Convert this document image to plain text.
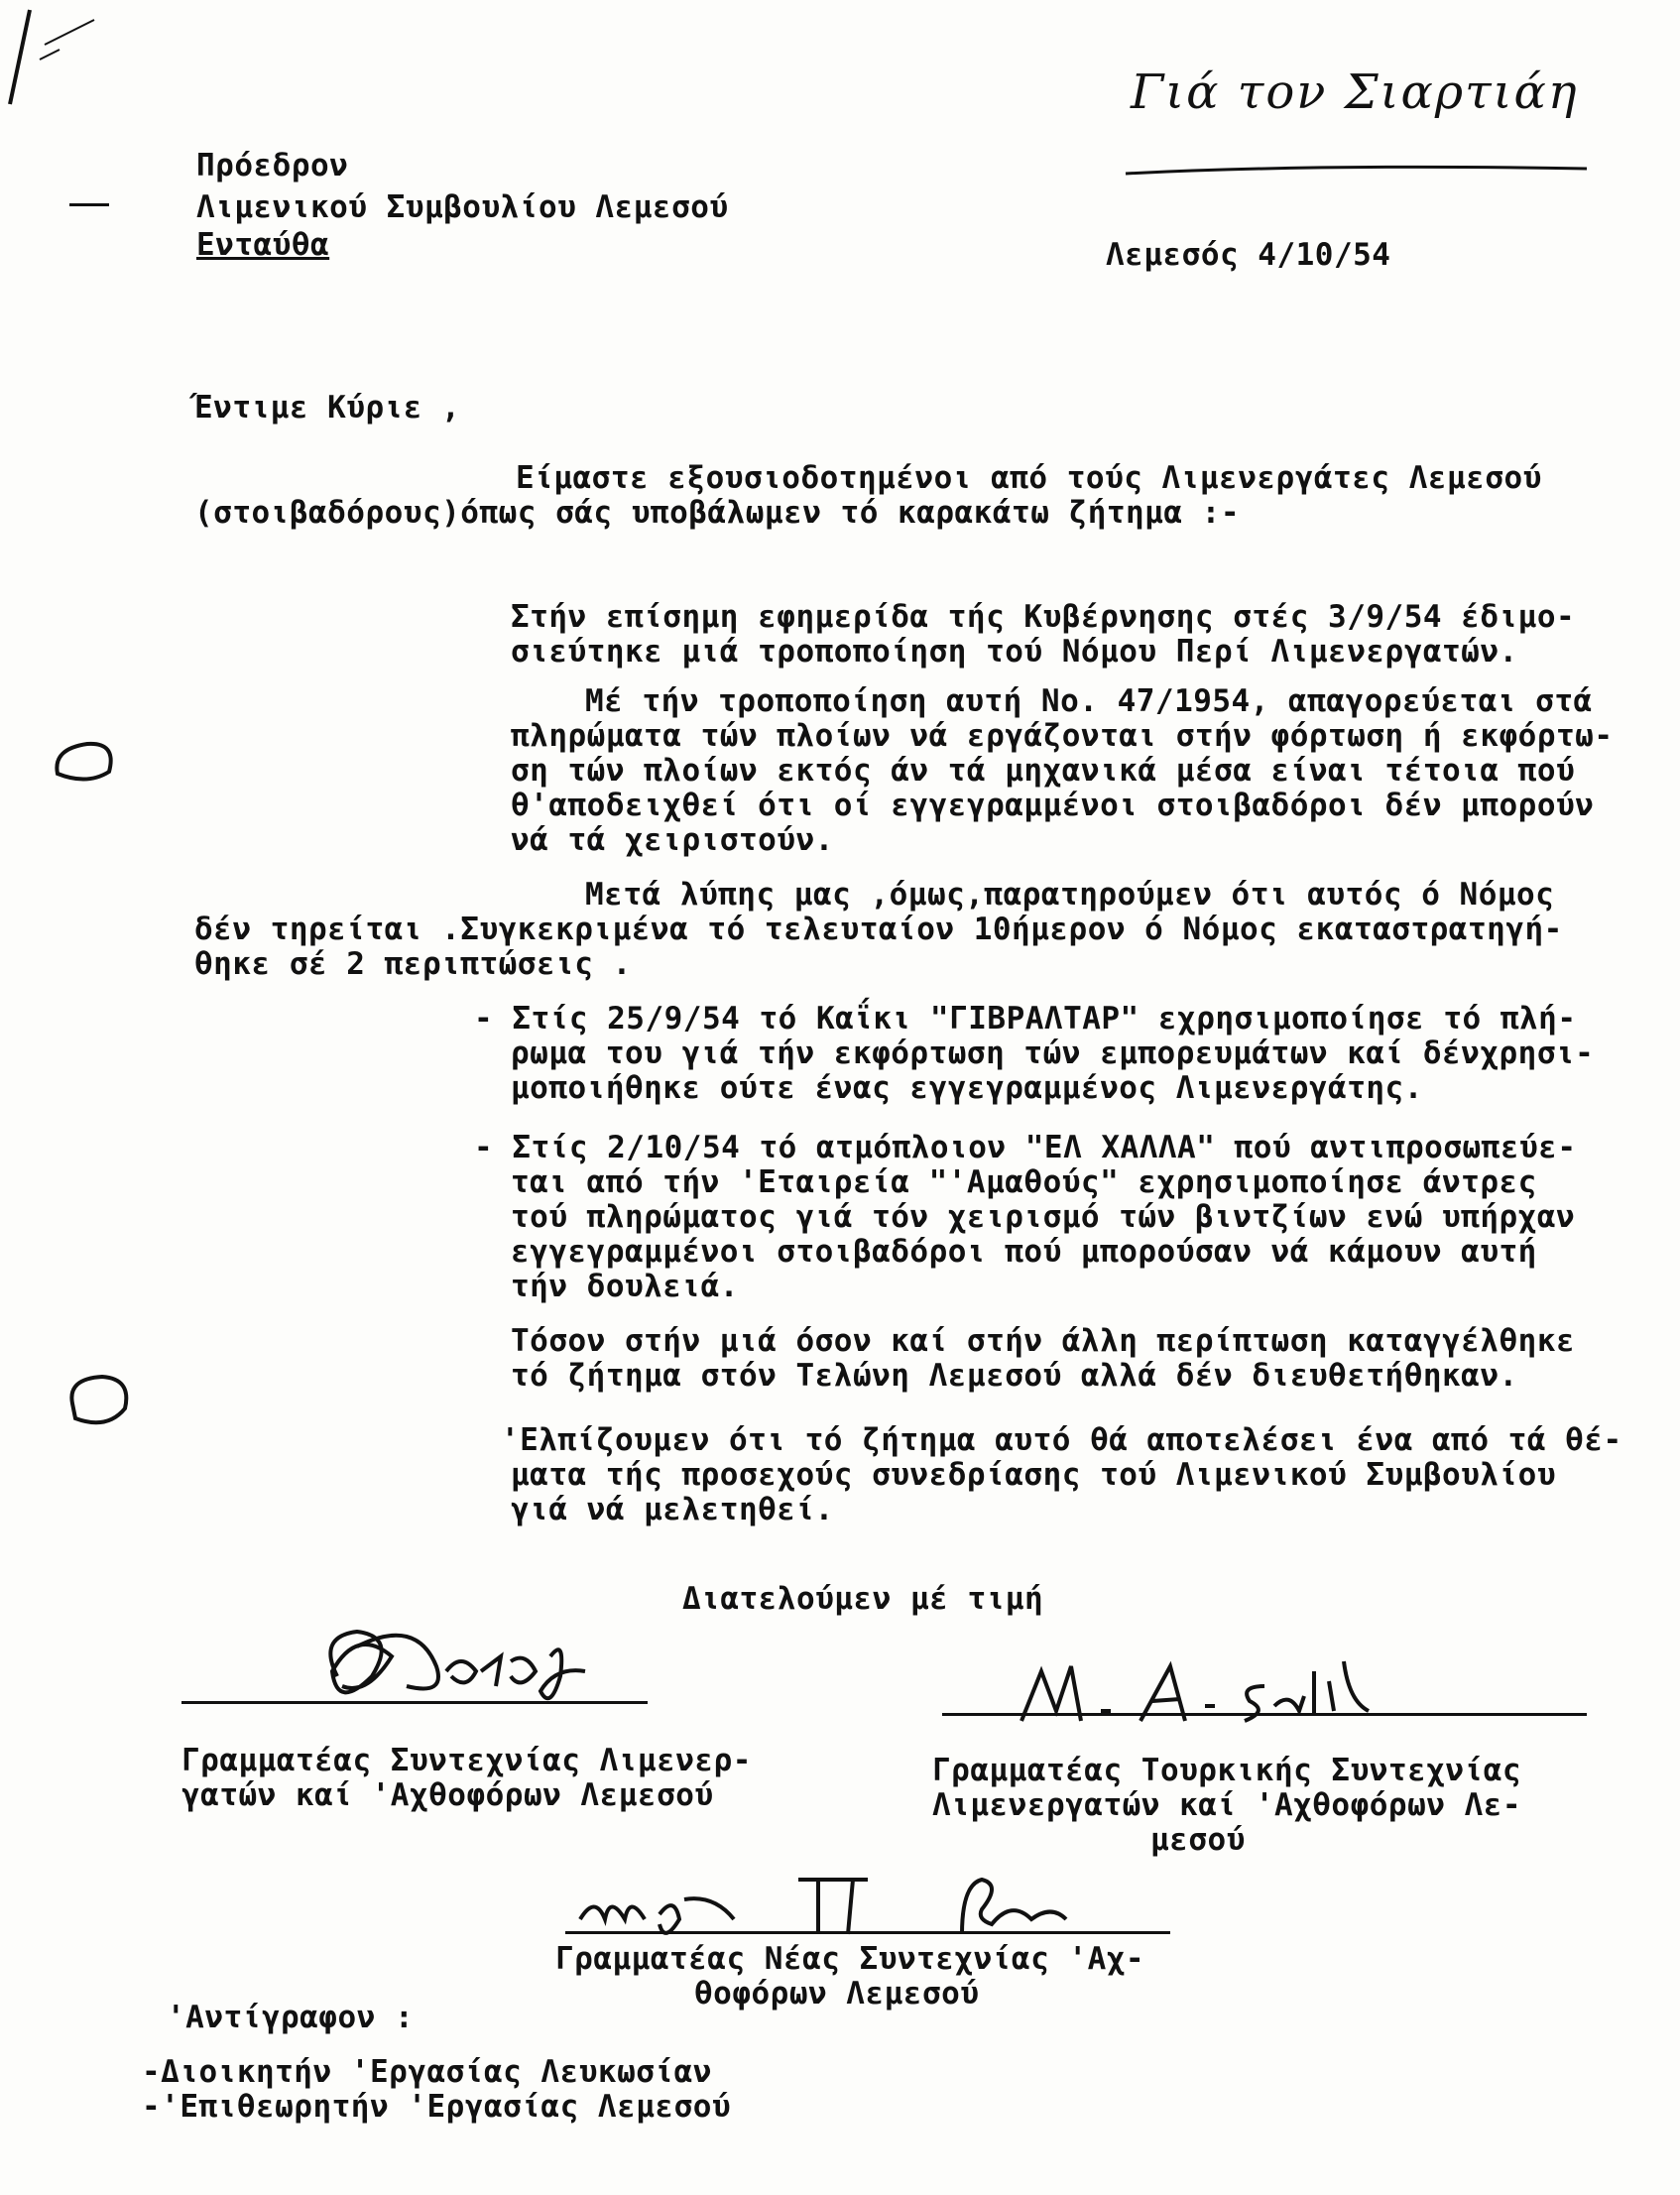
Γιά τον Σιαρτιάη
Πρόεδρον
Λιμενικού Συμβουλίου Λεμεσού
Ενταύθα	Λεμεσός 4/10/54
Έντιμε Κύριε ,
Είμαστε εξουσιοδοτημένοι από τούς Λιμενεργάτες Λεμεσού
(στοιβαδόρους)όπως σάς υποβάλωμεν τό καρακάτω ζήτημα :-
Στήν επίσημη εφημερίδα τής Κυβέρνησης στές 3/9/54 έδιμο-
σιεύτηκε μιά τροποποίηση τού Νόμου Περί Λιμενεργατών.
Μέ τήν τροποποίηση αυτή Νο. 47/1954, απαγορεύεται στά
πληρώματα τών πλοίων νά εργάζονται στήν φόρτωση ή εκφόρτω-
ση τών πλοίων εκτός άν τά μηχανικά μέσα είναι τέτοια πού
θ'αποδειχθεί ότι οί εγγεγραμμένοι στοιβαδόροι δέν μπορούν
νά τά χειριστούν.
Μετά λύπης μας ,όμως,παρατηρούμεν ότι αυτός ό Νόμος
δέν τηρείται .Συγκεκριμένα τό τελευταίον 10ήμερον ό Νόμος εκαταστρατηγή-
θηκε σέ 2 περιπτώσεις .
- Στίς 25/9/54 τό Καΐκι "ΓΙΒΡΑΛΤΑΡ" εχρησιμοποίησε τό πλή-
ρωμα του γιά τήν εκφόρτωση τών εμπορευμάτων καί δένχρησι-
μοποιήθηκε ούτε ένας εγγεγραμμένος Λιμενεργάτης.
- Στίς 2/10/54 τό ατμόπλοιον "ΕΛ ΧΑΛΛΑ" πού αντιπροσωπεύε-
ται από τήν 'Εταιρεία "'Αμαθούς" εχρησιμοποίησε άντρες
τού πληρώματος γιά τόν χειρισμό τών βιντζίων ενώ υπήρχαν
εγγεγραμμένοι στοιβαδόροι πού μπορούσαν νά κάμουν αυτή
τήν δουλειά.
Τόσον στήν μιά όσον καί στήν άλλη περίπτωση καταγγέλθηκε
τό ζήτημα στόν Τελώνη Λεμεσού αλλά δέν διευθετήθηκαν.
'Ελπίζουμεν ότι τό ζήτημα αυτό θά αποτελέσει ένα από τά θέ-
ματα τής προσεχούς συνεδρίασης τού Λιμενικού Συμβουλίου
γιά νά μελετηθεί.
Διατελούμεν μέ τιμή
Γραμματέας Συντεχνίας Λιμενερ-
γατών καί 'Αχθοφόρων Λεμεσού
Γραμματέας Τουρκικής Συντεχνίας
Λιμενεργατών καί 'Αχθοφόρων Λε-
μεσού
Γραμματέας Νέας Συντεχνίας 'Αχ-
θοφόρων Λεμεσού
'Αντίγραφον :
-Διοικητήν 'Εργασίας Λευκωσίαν
-'Επιθεωρητήν 'Εργασίας Λεμεσού
